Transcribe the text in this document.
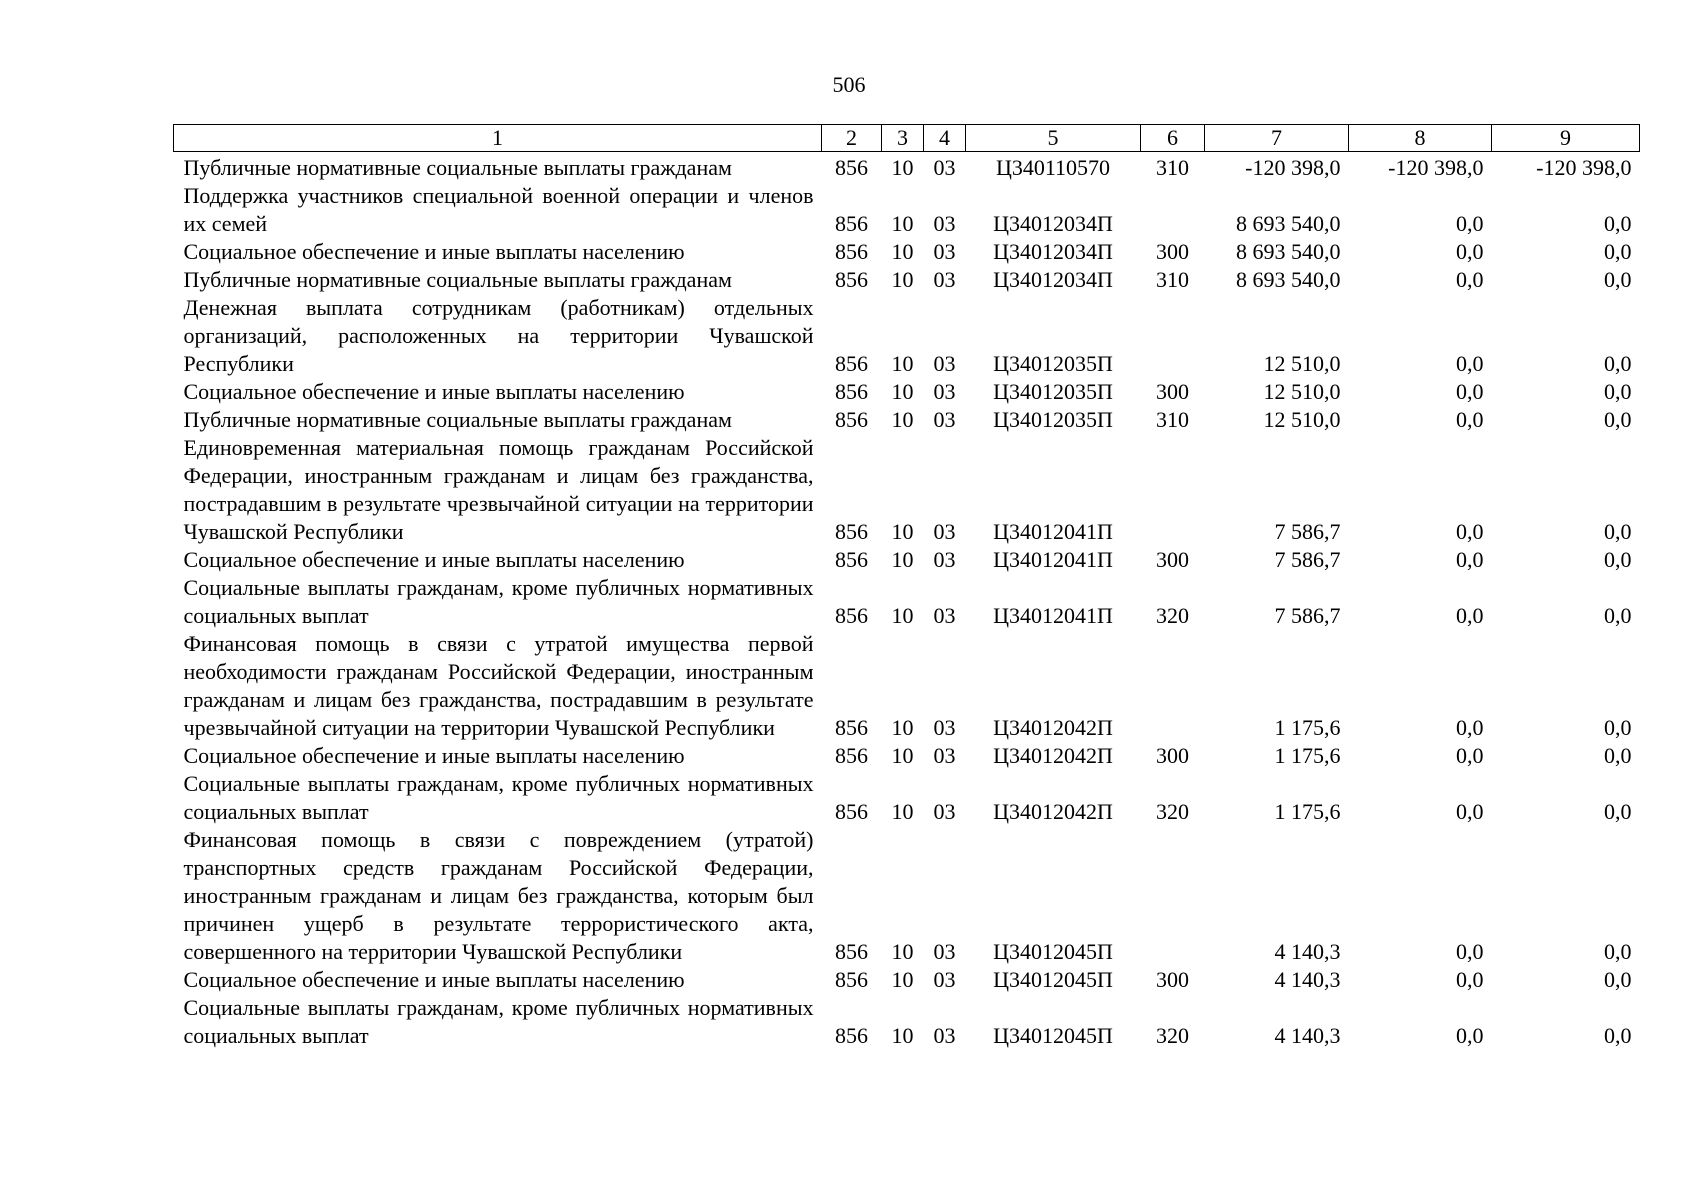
506
1	2	3	4	5	6	7	8	9
Публичные нормативные социальные выплаты гражданам	856	10	03	Ц340110570	310	-120 398,0	-120 398,0	-120 398,0
Поддержка участников специальной военной операции и членов их семей	856	10	03	Ц34012034П		8 693 540,0	0,0	0,0
Социальное обеспечение и иные выплаты населению	856	10	03	Ц34012034П	300	8 693 540,0	0,0	0,0
Публичные нормативные социальные выплаты гражданам	856	10	03	Ц34012034П	310	8 693 540,0	0,0	0,0
Денежная выплата сотрудникам (работникам) отдельных организаций, расположенных на территории Чувашской Республики	856	10	03	Ц34012035П		12 510,0	0,0	0,0
Социальное обеспечение и иные выплаты населению	856	10	03	Ц34012035П	300	12 510,0	0,0	0,0
Публичные нормативные социальные выплаты гражданам	856	10	03	Ц34012035П	310	12 510,0	0,0	0,0
Единовременная материальная помощь гражданам Российской Федерации, иностранным гражданам и лицам без гражданства, пострадавшим в результате чрезвычайной ситуации на территории Чувашской Республики	856	10	03	Ц34012041П		7 586,7	0,0	0,0
Социальное обеспечение и иные выплаты населению	856	10	03	Ц34012041П	300	7 586,7	0,0	0,0
Социальные выплаты гражданам, кроме публичных нормативных социальных выплат	856	10	03	Ц34012041П	320	7 586,7	0,0	0,0
Финансовая помощь в связи с утратой имущества первой необходимости гражданам Российской Федерации, иностранным гражданам и лицам без гражданства, пострадавшим в результате чрезвычайной ситуации на территории Чувашской Республики	856	10	03	Ц34012042П		1 175,6	0,0	0,0
Социальное обеспечение и иные выплаты населению	856	10	03	Ц34012042П	300	1 175,6	0,0	0,0
Социальные выплаты гражданам, кроме публичных нормативных социальных выплат	856	10	03	Ц34012042П	320	1 175,6	0,0	0,0
Финансовая помощь в связи с повреждением (утратой) транспортных средств гражданам Российской Федерации, иностранным гражданам и лицам без гражданства, которым был причинен ущерб в результате террористического акта, совершенного на территории Чувашской Республики	856	10	03	Ц34012045П		4 140,3	0,0	0,0
Социальное обеспечение и иные выплаты населению	856	10	03	Ц34012045П	300	4 140,3	0,0	0,0
Социальные выплаты гражданам, кроме публичных нормативных социальных выплат	856	10	03	Ц34012045П	320	4 140,3	0,0	0,0
